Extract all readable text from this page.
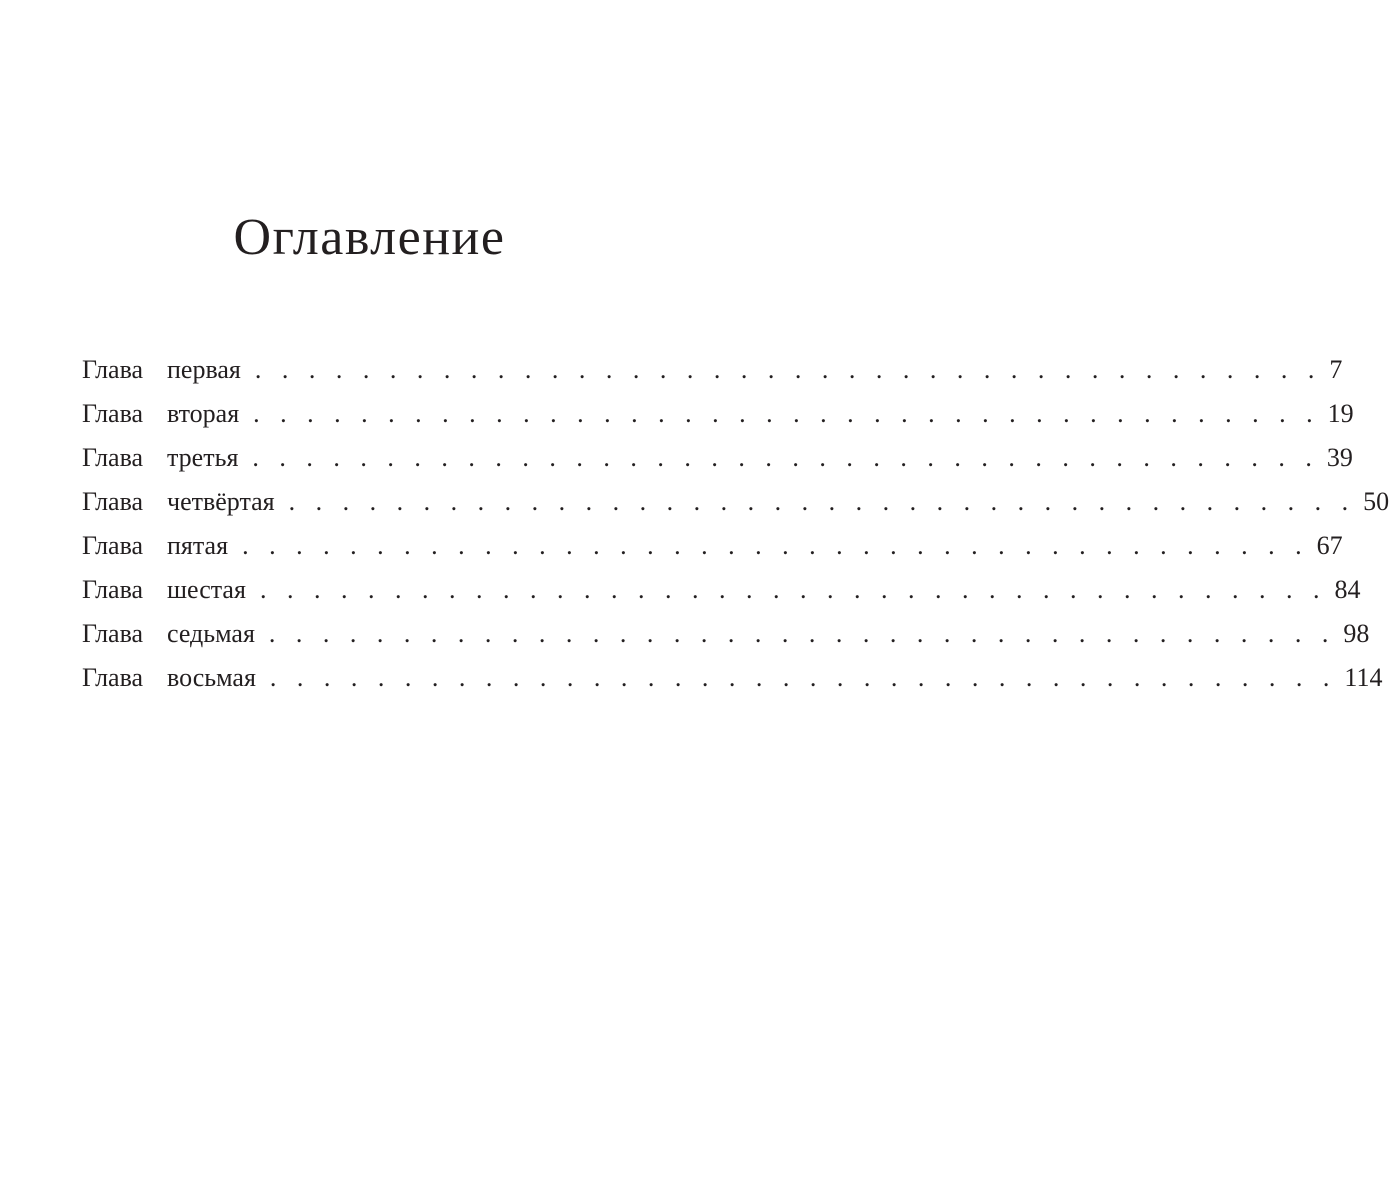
Оглавление
Глава первая . . . . . . . . . . . . . . . . . . . . . . . . . . . . . . . . . . . . . . . . 7
Глава вторая . . . . . . . . . . . . . . . . . . . . . . . . . . . . . . . . . . . . . . . . 19
Глава третья . . . . . . . . . . . . . . . . . . . . . . . . . . . . . . . . . . . . . . . . 39
Глава четвёртая . . . . . . . . . . . . . . . . . . . . . . . . . . . . . . . . . . . . . . . . 50
Глава пятая . . . . . . . . . . . . . . . . . . . . . . . . . . . . . . . . . . . . . . . . 67
Глава шестая . . . . . . . . . . . . . . . . . . . . . . . . . . . . . . . . . . . . . . . . 84
Глава седьмая . . . . . . . . . . . . . . . . . . . . . . . . . . . . . . . . . . . . . . . . 98
Глава восьмая . . . . . . . . . . . . . . . . . . . . . . . . . . . . . . . . . . . . . . . . 114
